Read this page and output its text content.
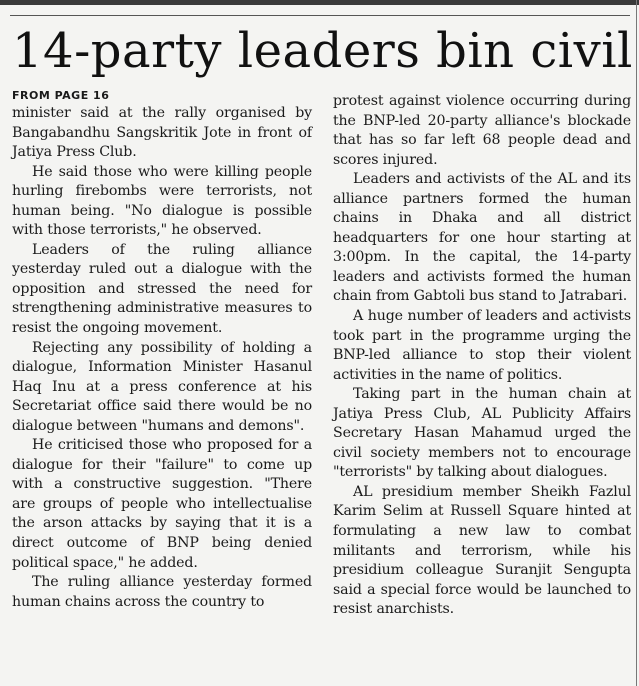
14-party leaders bin civil
FROM PAGE 16

minister said at the rally organised by Bangabandhu Sangskritik Jote in front of Jatiya Press Club.

He said those who were killing people hurling firebombs were terrorists, not human being. "No dialogue is possible with those terrorists," he observed.

Leaders of the ruling alliance yesterday ruled out a dialogue with the opposition and stressed the need for strengthening administrative measures to resist the ongoing movement.

Rejecting any possibility of holding a dialogue, Information Minister Hasanul Haq Inu at a press conference at his Secretariat office said there would be no dialogue between "humans and demons".

He criticised those who proposed for a dialogue for their "failure" to come up with a constructive suggestion. "There are groups of people who intellectualise the arson attacks by saying that it is a direct outcome of BNP being denied political space," he added.

The ruling alliance yesterday formed human chains across the country to

protest against violence occurring during the BNP-led 20-party alliance's blockade that has so far left 68 people dead and scores injured.

Leaders and activists of the AL and its alliance partners formed the human chains in Dhaka and all district headquarters for one hour starting at 3:00pm. In the capital, the 14-party leaders and activists formed the human chain from Gabtoli bus stand to Jatrabari.

A huge number of leaders and activists took part in the programme urging the BNP-led alliance to stop their violent activities in the name of politics.

Taking part in the human chain at Jatiya Press Club, AL Publicity Affairs Secretary Hasan Mahamud urged the civil society members not to encourage "terrorists" by talking about dialogues.

AL presidium member Sheikh Fazlul Karim Selim at Russell Square hinted at formulating a new law to combat militants and terrorism, while his presidium colleague Suranjit Sengupta said a special force would be launched to resist anarchists.
